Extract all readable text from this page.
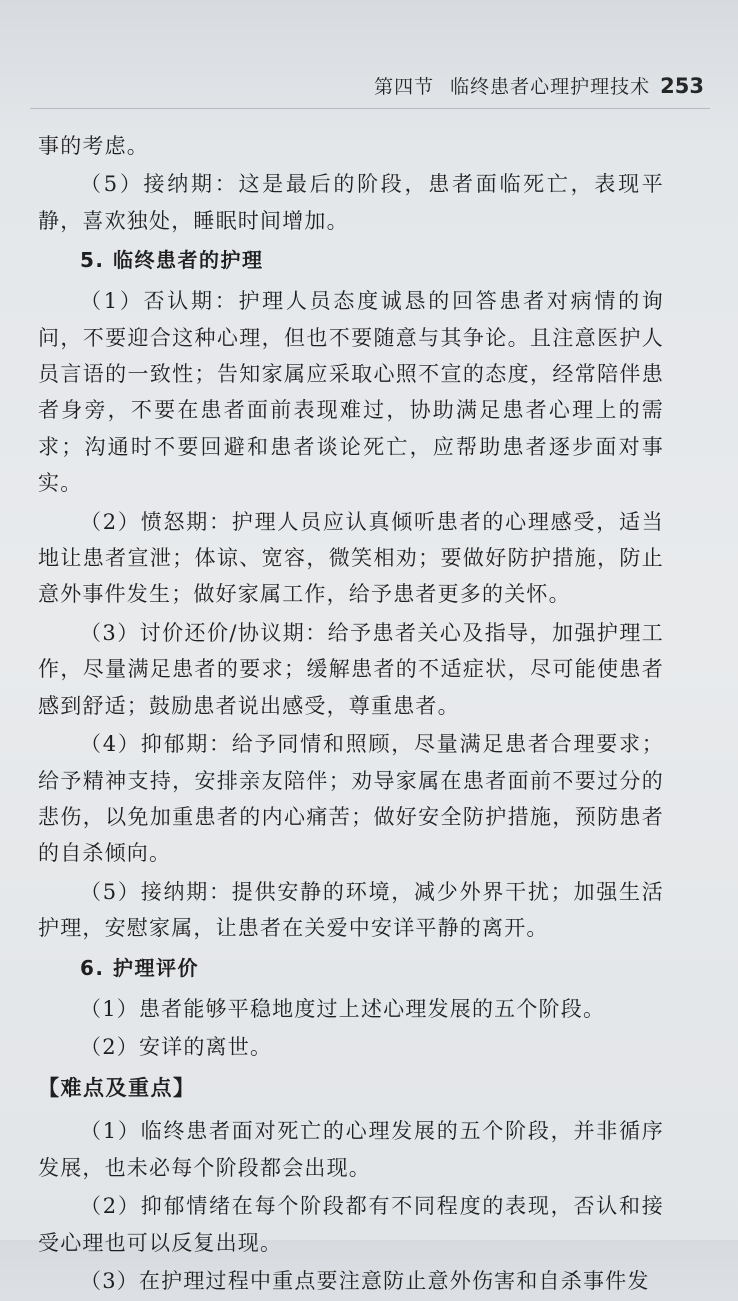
第四节 临终患者心理护理技术 253

事的考虑。

（5）接纳期：这是最后的阶段，患者面临死亡，表现平静，喜欢独处，睡眠时间增加。

5. 临终患者的护理

（1）否认期：护理人员态度诚恳的回答患者对病情的询问，不要迎合这种心理，但也不要随意与其争论。且注意医护人员言语的一致性；告知家属应采取心照不宣的态度，经常陪伴患者身旁，不要在患者面前表现难过，协助满足患者心理上的需求；沟通时不要回避和患者谈论死亡，应帮助患者逐步面对事实。

（2）愤怒期：护理人员应认真倾听患者的心理感受，适当地让患者宣泄；体谅、宽容，微笑相劝；要做好防护措施，防止意外事件发生；做好家属工作，给予患者更多的关怀。

（3）讨价还价/协议期：给予患者关心及指导，加强护理工作，尽量满足患者的要求；缓解患者的不适症状，尽可能使患者感到舒适；鼓励患者说出感受，尊重患者。

（4）抑郁期：给予同情和照顾，尽量满足患者合理要求；给予精神支持，安排亲友陪伴；劝导家属在患者面前不要过分的悲伤，以免加重患者的内心痛苦；做好安全防护措施，预防患者的自杀倾向。

（5）接纳期：提供安静的环境，减少外界干扰；加强生活护理，安慰家属，让患者在关爱中安详平静的离开。

6. 护理评价

（1）患者能够平稳地度过上述心理发展的五个阶段。

（2）安详的离世。

【难点及重点】

（1）临终患者面对死亡的心理发展的五个阶段，并非循序发展，也未必每个阶段都会出现。

（2）抑郁情绪在每个阶段都有不同程度的表现，否认和接受心理也可以反复出现。

（3）在护理过程中重点要注意防止意外伤害和自杀事件发
